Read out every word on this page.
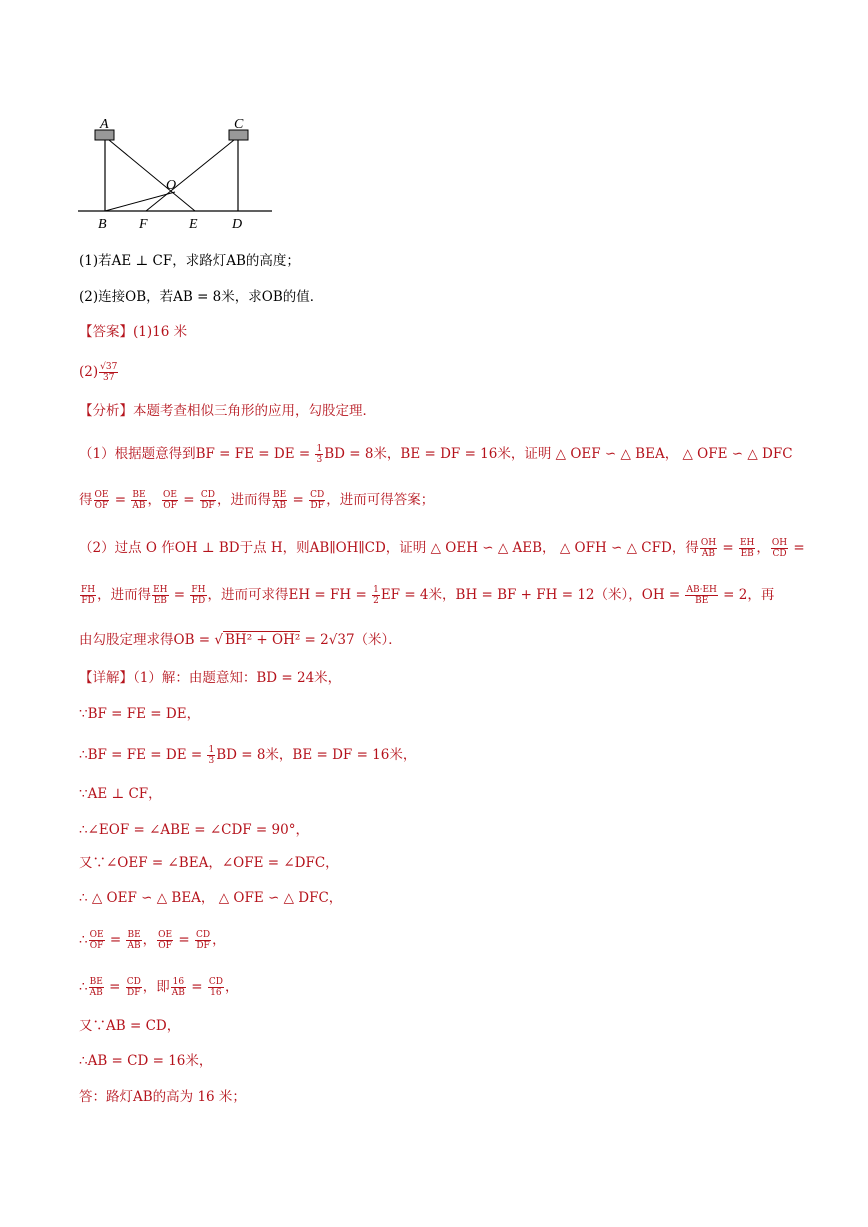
A	C
O
B F	E D
(1)若AE ⊥ CF，求路灯AB的高度；
(2)连接OB，若AB = 8米，求OB的值．
【答案】(1)16 米
$(2) \frac{√37}{37}$
【分析】本题考查相似三角形的应用，勾股定理．
（1）根据题意得到BF = FE = DE = $\frac{1}{3}$ BD = 8米，BE = DF = 16米，证明 △ OEF ∽ △ BEA， △ OFE ∽ △ DFC
得 $\frac{OE}{OF} = \frac{BE}{AB}$ ， $\frac{OE}{OF} = \frac{CD}{DF}$ ，进而得 $\frac{BE}{AB} = \frac{CD}{DF}$ ，进而可得答案；
（2）过点 O 作OH ⊥ BD于点 H，则AB∥OH∥CD，证明 △ OEH ∽ △ AEB， △ OFH ∽ △ CFD，得 $\frac{OH}{AB} = \frac{EH}{EB}$ ， $\frac{OH}{CD}$ =
$\frac{FH}{FD}$ ，进而得 $\frac{EH}{EB} = \frac{FH}{FD}$ ，进而可求得EH = FH = $\frac{1}{2}$ EF = 4米，BH = BF + FH = 12（米），OH = $\frac{AB\cdot EH}{BE} = 2$，再
由勾股定理求得OB = √ BH² + OH² = 2√37（米）．
【详解】（1）解：由题意知：BD = 24米，
∵BF = FE = DE，
∴BF = FE = DE = $\frac{1}{3}$ BD = 8米，BE = DF = 16米，
∵AE ⊥ CF，
∴∠EOF = ∠ABE = ∠CDF = 90°，
又∵∠OEF = ∠BEA，∠OFE = ∠DFC，
∴ △ OEF ∽ △ BEA， △ OFE ∽ △ DFC，
∴ $\frac{OE}{OF} = \frac{BE}{AB}$ ， $\frac{OE}{OF} = \frac{CD}{DF}$ ，
∴ $\frac{BE}{AB} = \frac{CD}{DF}$ ，即 $\frac{16}{AB} = \frac{CD}{16}$ ，
又∵AB = CD，
∴AB = CD = 16米，
答：路灯AB的高为 16 米；
